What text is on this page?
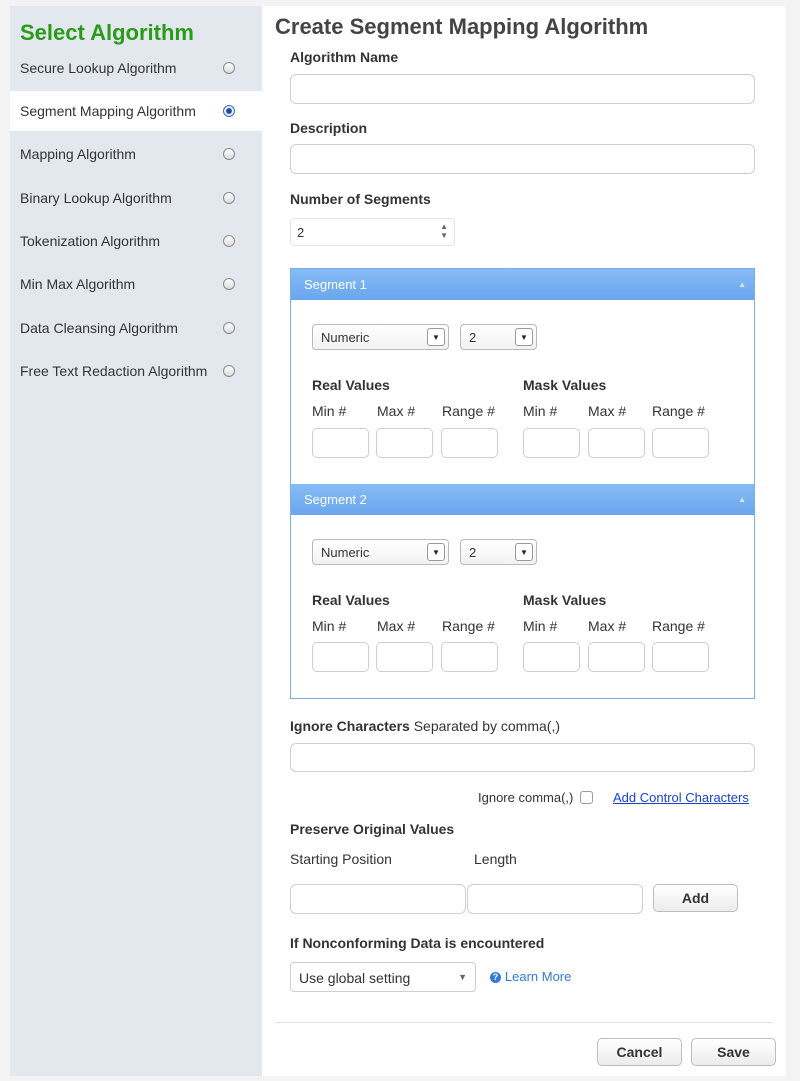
Select Algorithm
Secure Lookup Algorithm
Segment Mapping Algorithm
Mapping Algorithm
Binary Lookup Algorithm
Tokenization Algorithm
Min Max Algorithm
Data Cleansing Algorithm
Free Text Redaction Algorithm
Create Segment Mapping Algorithm
Algorithm Name
Description
Number of Segments
2	▲
▼
Segment 1	▲
Numeric	▼	2	▼
Real Values	Mask Values
Min # Max # Range # Min # Max # Range #
Segment 2	▲
Numeric	▼	2	▼
Real Values	Mask Values
Min # Max # Range # Min # Max # Range #
Ignore Characters Separated by comma(,)
Ignore comma(,)	Add Control Characters
Preserve Original Values
Starting Position	Length
Add
If Nonconforming Data is encountered
Use global setting	▼	? Learn More
Cancel	Save
